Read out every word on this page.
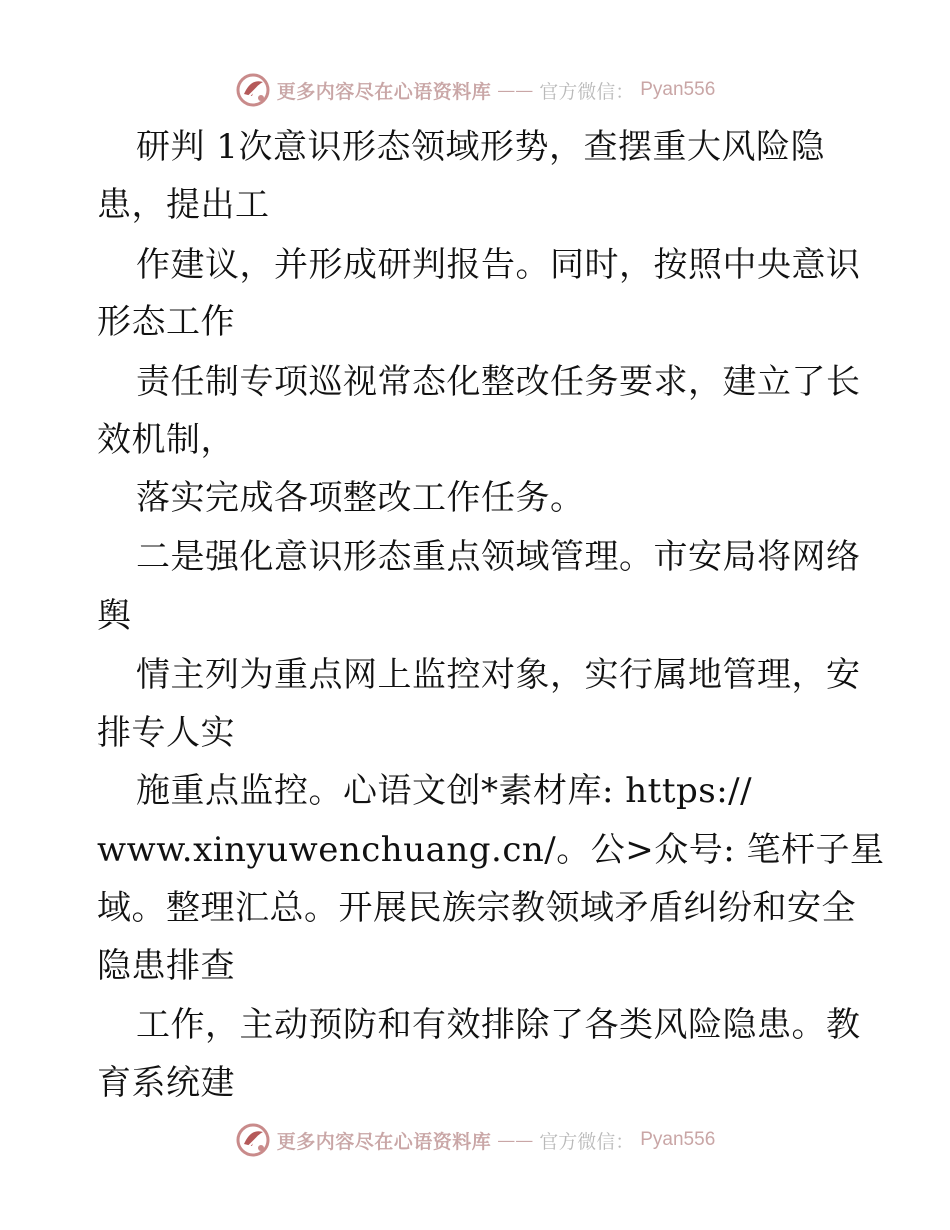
更多内容尽在心语资料库 —— 官方微信： Pyan556
研判 1次意识形态领域形势，查摆重大风险隐
患，提出工
作建议，并形成研判报告。同时，按照中央意识
形态工作
责任制专项巡视常态化整改任务要求，建立了长
效机制，
落实完成各项整改工作任务。
二是强化意识形态重点领域管理。市安局将网络
舆
情主列为重点网上监控对象，实行属地管理，安
排专人实
施重点监控。心语文创*素材库: https://
www.xinyuwenchuang.cn/。公>众号: 笔杆子星
域。整理汇总。开展民族宗教领域矛盾纠纷和安全
隐患排查
工作，主动预防和有效排除了各类风险隐患。教
育系统建
更多内容尽在心语资料库 —— 官方微信： Pyan556
